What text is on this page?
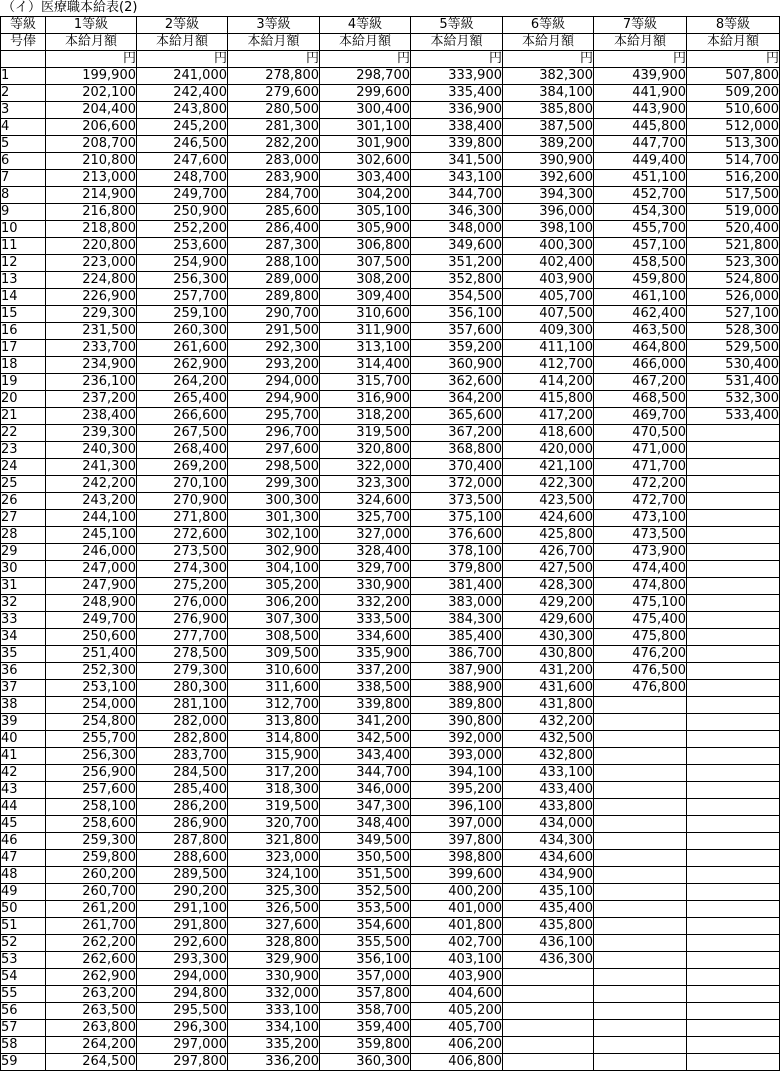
（イ）医療職本給表(2)
等級	1等級	2等級	3等級	4等級	5等級	6等級	7等級	8等級
号俸	本給月額	本給月額	本給月額	本給月額	本給月額	本給月額	本給月額	本給月額
	円	円	円	円	円	円	円	円
1	199,900	241,000	278,800	298,700	333,900	382,300	439,900	507,800
2	202,100	242,400	279,600	299,600	335,400	384,100	441,900	509,200
3	204,400	243,800	280,500	300,400	336,900	385,800	443,900	510,600
4	206,600	245,200	281,300	301,100	338,400	387,500	445,800	512,000
5	208,700	246,500	282,200	301,900	339,800	389,200	447,700	513,300
6	210,800	247,600	283,000	302,600	341,500	390,900	449,400	514,700
7	213,000	248,700	283,900	303,400	343,100	392,600	451,100	516,200
8	214,900	249,700	284,700	304,200	344,700	394,300	452,700	517,500
9	216,800	250,900	285,600	305,100	346,300	396,000	454,300	519,000
10	218,800	252,200	286,400	305,900	348,000	398,100	455,700	520,400
11	220,800	253,600	287,300	306,800	349,600	400,300	457,100	521,800
12	223,000	254,900	288,100	307,500	351,200	402,400	458,500	523,300
13	224,800	256,300	289,000	308,200	352,800	403,900	459,800	524,800
14	226,900	257,700	289,800	309,400	354,500	405,700	461,100	526,000
15	229,300	259,100	290,700	310,600	356,100	407,500	462,400	527,100
16	231,500	260,300	291,500	311,900	357,600	409,300	463,500	528,300
17	233,700	261,600	292,300	313,100	359,200	411,100	464,800	529,500
18	234,900	262,900	293,200	314,400	360,900	412,700	466,000	530,400
19	236,100	264,200	294,000	315,700	362,600	414,200	467,200	531,400
20	237,200	265,400	294,900	316,900	364,200	415,800	468,500	532,300
21	238,400	266,600	295,700	318,200	365,600	417,200	469,700	533,400
22	239,300	267,500	296,700	319,500	367,200	418,600	470,500	
23	240,300	268,400	297,600	320,800	368,800	420,000	471,000	
24	241,300	269,200	298,500	322,000	370,400	421,100	471,700	
25	242,200	270,100	299,300	323,300	372,000	422,300	472,200	
26	243,200	270,900	300,300	324,600	373,500	423,500	472,700	
27	244,100	271,800	301,300	325,700	375,100	424,600	473,100	
28	245,100	272,600	302,100	327,000	376,600	425,800	473,500	
29	246,000	273,500	302,900	328,400	378,100	426,700	473,900	
30	247,000	274,300	304,100	329,700	379,800	427,500	474,400	
31	247,900	275,200	305,200	330,900	381,400	428,300	474,800	
32	248,900	276,000	306,200	332,200	383,000	429,200	475,100	
33	249,700	276,900	307,300	333,500	384,300	429,600	475,400	
34	250,600	277,700	308,500	334,600	385,400	430,300	475,800	
35	251,400	278,500	309,500	335,900	386,700	430,800	476,200	
36	252,300	279,300	310,600	337,200	387,900	431,200	476,500	
37	253,100	280,300	311,600	338,500	388,900	431,600	476,800	
38	254,000	281,100	312,700	339,800	389,800	431,800		
39	254,800	282,000	313,800	341,200	390,800	432,200		
40	255,700	282,800	314,800	342,500	392,000	432,500		
41	256,300	283,700	315,900	343,400	393,000	432,800		
42	256,900	284,500	317,200	344,700	394,100	433,100		
43	257,600	285,400	318,300	346,000	395,200	433,400		
44	258,100	286,200	319,500	347,300	396,100	433,800		
45	258,600	286,900	320,700	348,400	397,000	434,000		
46	259,300	287,800	321,800	349,500	397,800	434,300		
47	259,800	288,600	323,000	350,500	398,800	434,600		
48	260,200	289,500	324,100	351,500	399,600	434,900		
49	260,700	290,200	325,300	352,500	400,200	435,100		
50	261,200	291,100	326,500	353,500	401,000	435,400		
51	261,700	291,800	327,600	354,600	401,800	435,800		
52	262,200	292,600	328,800	355,500	402,700	436,100		
53	262,600	293,300	329,900	356,100	403,100	436,300		
54	262,900	294,000	330,900	357,000	403,900			
55	263,200	294,800	332,000	357,800	404,600			
56	263,500	295,500	333,100	358,700	405,200			
57	263,800	296,300	334,100	359,400	405,700			
58	264,200	297,000	335,200	359,800	406,200			
59	264,500	297,800	336,200	360,300	406,800			
